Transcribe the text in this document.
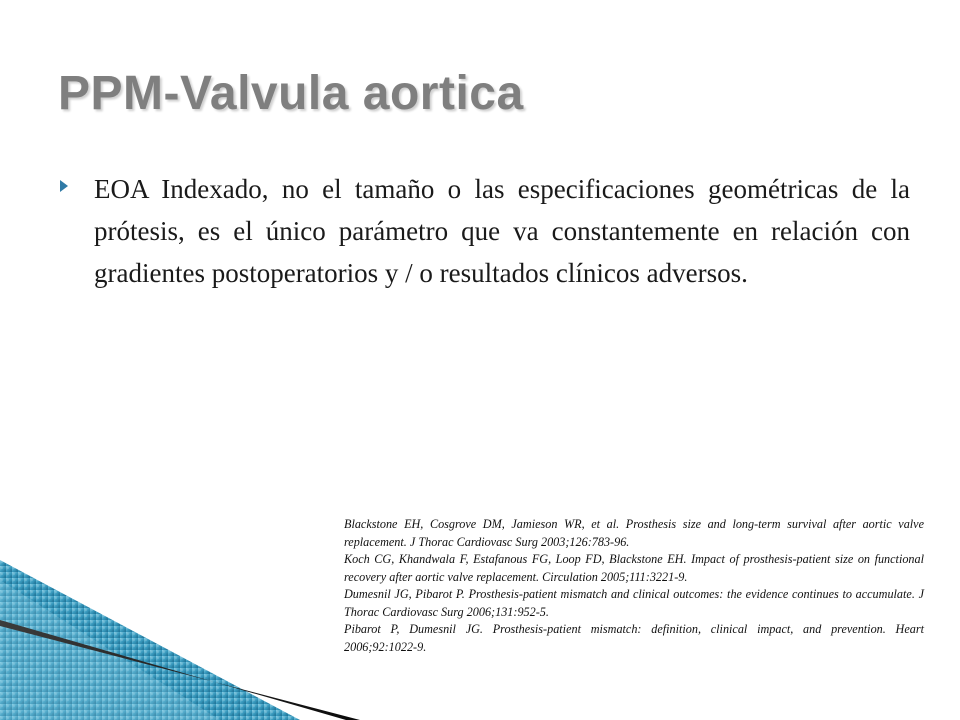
PPM-Valvula aortica

EOA Indexado, no el tamaño o las especificaciones geométricas de la prótesis, es el único parámetro que va constantemente en relación con gradientes postoperatorios y / o resultados clínicos adversos.

Blackstone EH, Cosgrove DM, Jamieson WR, et al. Prosthesis size and long-term survival after aortic valve replacement. J Thorac Cardiovasc Surg 2003;126:783-96.
Koch CG, Khandwala F, Estafanous FG, Loop FD, Blackstone EH. Impact of prosthesis-patient size on functional recovery after aortic valve replacement. Circulation 2005;111:3221-9.
Dumesnil JG, Pibarot P. Prosthesis-patient mismatch and clinical outcomes: the evidence continues to accumulate. J Thorac Cardiovasc Surg 2006;131:952-5.
Pibarot P, Dumesnil JG. Prosthesis-patient mismatch: definition, clinical impact, and prevention. Heart 2006;92:1022-9.
